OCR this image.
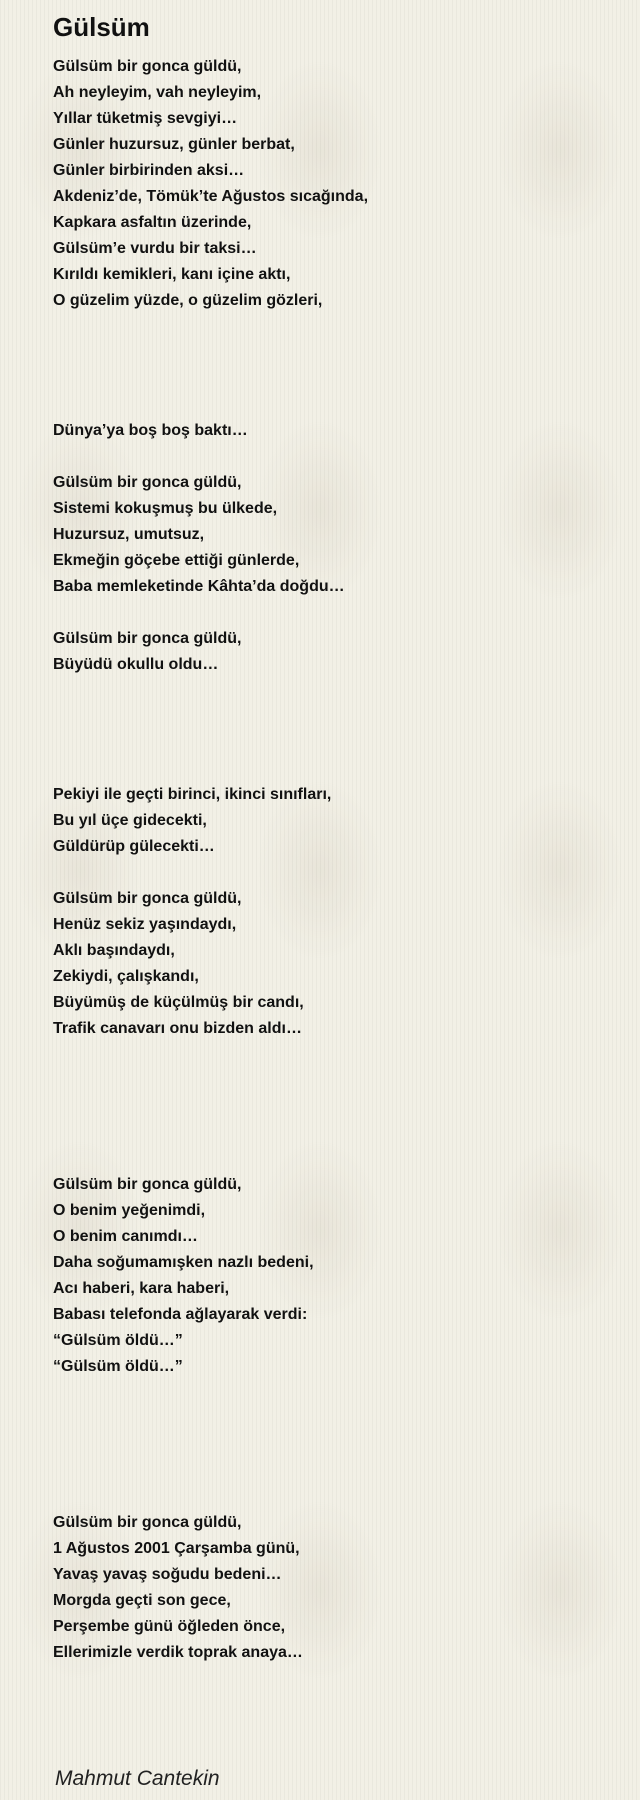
Gülsüm
Gülsüm bir gonca güldü,
Ah neyleyim, vah neyleyim,
Yıllar tüketmiş sevgiyi…
Günler huzursuz, günler berbat,
Günler birbirinden aksi…
Akdeniz’de, Tömük’te Ağustos sıcağında,
Kapkara asfaltın üzerinde,
Gülsüm’e vurdu bir taksi…
Kırıldı kemikleri, kanı içine aktı,
O güzelim yüzde, o güzelim gözleri,
Dünya’ya boş boş baktı…
Gülsüm bir gonca güldü,
Sistemi kokuşmuş bu ülkede,
Huzursuz, umutsuz,
Ekmeğin göçebe ettiği günlerde,
Baba memleketinde Kâhta’da doğdu…
Gülsüm bir gonca güldü,
Büyüdü okullu oldu…
Pekiyi ile geçti birinci, ikinci sınıfları,
Bu yıl üçe gidecekti,
Güldürüp gülecekti…
Gülsüm bir gonca güldü,
Henüz sekiz yaşındaydı,
Aklı başındaydı,
Zekiydi, çalışkandı,
Büyümüş de küçülmüş bir candı,
Trafik canavarı onu bizden aldı…
Gülsüm bir gonca güldü,
O benim yeğenimdi,
O benim canımdı…
Daha soğumamışken nazlı bedeni,
Acı haberi, kara haberi,
Babası telefonda ağlayarak verdi:
“Gülsüm öldü…”
“Gülsüm öldü…”
Gülsüm bir gonca güldü,
1 Ağustos 2001 Çarşamba günü,
Yavaş yavaş soğudu bedeni…
Morgda geçti son gece,
Perşembe günü öğleden önce,
Ellerimizle verdik toprak anaya…
Mahmut Cantekin
